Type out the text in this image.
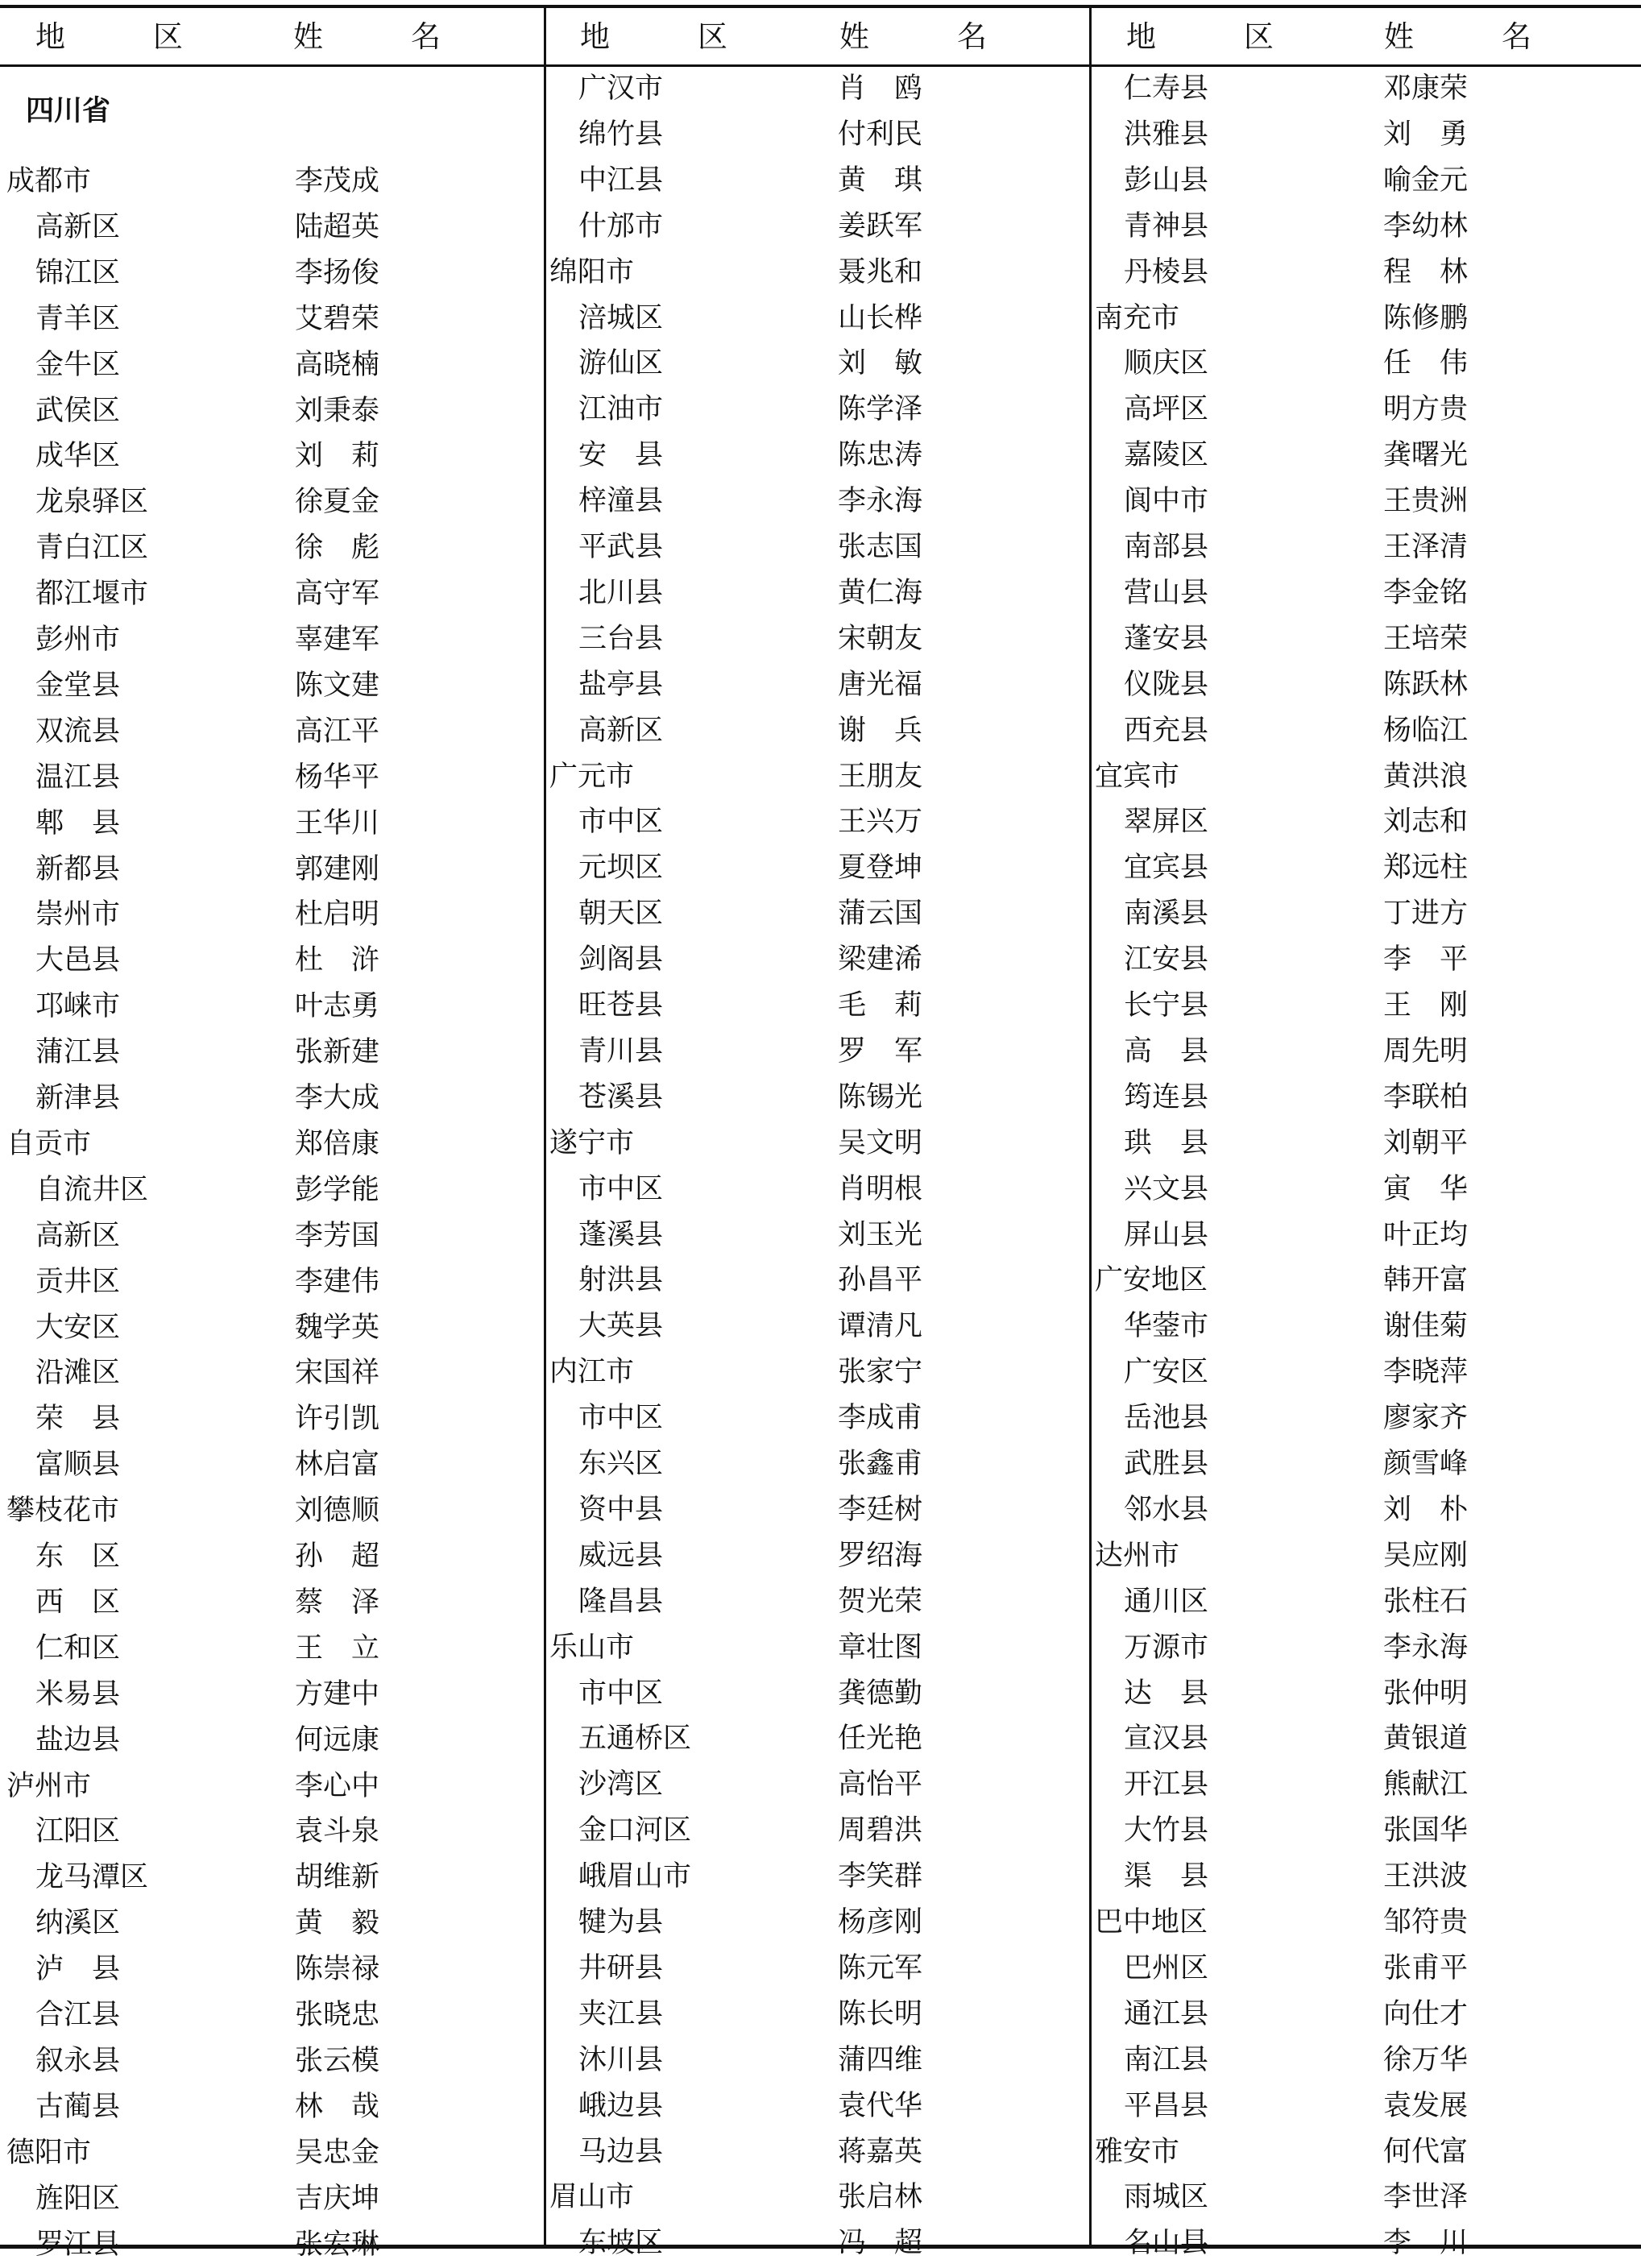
地　区	姓　名	地　区	姓　名	地　区	姓　名
四川省
成都市	李茂成
高新区	陆超英
锦江区	李扬俊
青羊区	艾碧荣
金牛区	高晓楠
武侯区	刘秉泰
成华区	刘　莉
龙泉驿区	徐夏金
青白江区	徐　彪
都江堰市	高守军
彭州市	辜建军
金堂县	陈文建
双流县	高江平
温江县	杨华平
郫　县	王华川
新都县	郭建刚
崇州市	杜启明
大邑县	杜　浒
邛崃市	叶志勇
蒲江县	张新建
新津县	李大成
自贡市	郑倍康
自流井区	彭学能
高新区	李芳国
贡井区	李建伟
大安区	魏学英
沿滩区	宋国祥
荣　县	许引凯
富顺县	林启富
攀枝花市	刘德顺
东　区	孙　超
西　区	蔡　泽
仁和区	王　立
米易县	方建中
盐边县	何远康
泸州市	李心中
江阳区	袁斗泉
龙马潭区	胡维新
纳溪区	黄　毅
泸　县	陈崇禄
合江县	张晓忠
叙永县	张云模
古蔺县	林　哉
德阳市	吴忠金
旌阳区	吉庆坤
罗江县	张宏琳
广汉市	肖　鸥
绵竹县	付利民
中江县	黄　琪
什邡市	姜跃军
绵阳市	聂兆和
涪城区	山长桦
游仙区	刘　敏
江油市	陈学泽
安　县	陈忠涛
梓潼县	李永海
平武县	张志国
北川县	黄仁海
三台县	宋朝友
盐亭县	唐光福
高新区	谢　兵
广元市	王朋友
市中区	王兴万
元坝区	夏登坤
朝天区	蒲云国
剑阁县	梁建浠
旺苍县	毛　莉
青川县	罗　军
苍溪县	陈锡光
遂宁市	吴文明
市中区	肖明根
蓬溪县	刘玉光
射洪县	孙昌平
大英县	谭清凡
内江市	张家宁
市中区	李成甫
东兴区	张鑫甫
资中县	李廷树
威远县	罗绍海
隆昌县	贺光荣
乐山市	章壮图
市中区	龚德勤
五通桥区	任光艳
沙湾区	高怡平
金口河区	周碧洪
峨眉山市	李笑群
犍为县	杨彦刚
井研县	陈元军
夹江县	陈长明
沐川县	蒲四维
峨边县	袁代华
马边县	蒋嘉英
眉山市	张启林
东坡区	冯　超
仁寿县	邓康荣
洪雅县	刘　勇
彭山县	喻金元
青神县	李幼林
丹棱县	程　林
南充市	陈修鹏
顺庆区	任　伟
高坪区	明方贵
嘉陵区	龚曙光
阆中市	王贵洲
南部县	王泽清
营山县	李金铭
蓬安县	王培荣
仪陇县	陈跃林
西充县	杨临江
宜宾市	黄洪浪
翠屏区	刘志和
宜宾县	郑远柱
南溪县	丁进方
江安县	李　平
长宁县	王　刚
高　县	周先明
筠连县	李联柏
珙　县	刘朝平
兴文县	寅　华
屏山县	叶正均
广安地区	韩开富
华蓥市	谢佳菊
广安区	李晓萍
岳池县	廖家齐
武胜县	颜雪峰
邻水县	刘　朴
达州市	吴应刚
通川区	张柱石
万源市	李永海
达　县	张仲明
宣汉县	黄银道
开江县	熊献江
大竹县	张国华
渠　县	王洪波
巴中地区	邹符贵
巴州区	张甫平
通江县	向仕才
南江县	徐万华
平昌县	袁发展
雅安市	何代富
雨城区	李世泽
名山县	李　川
